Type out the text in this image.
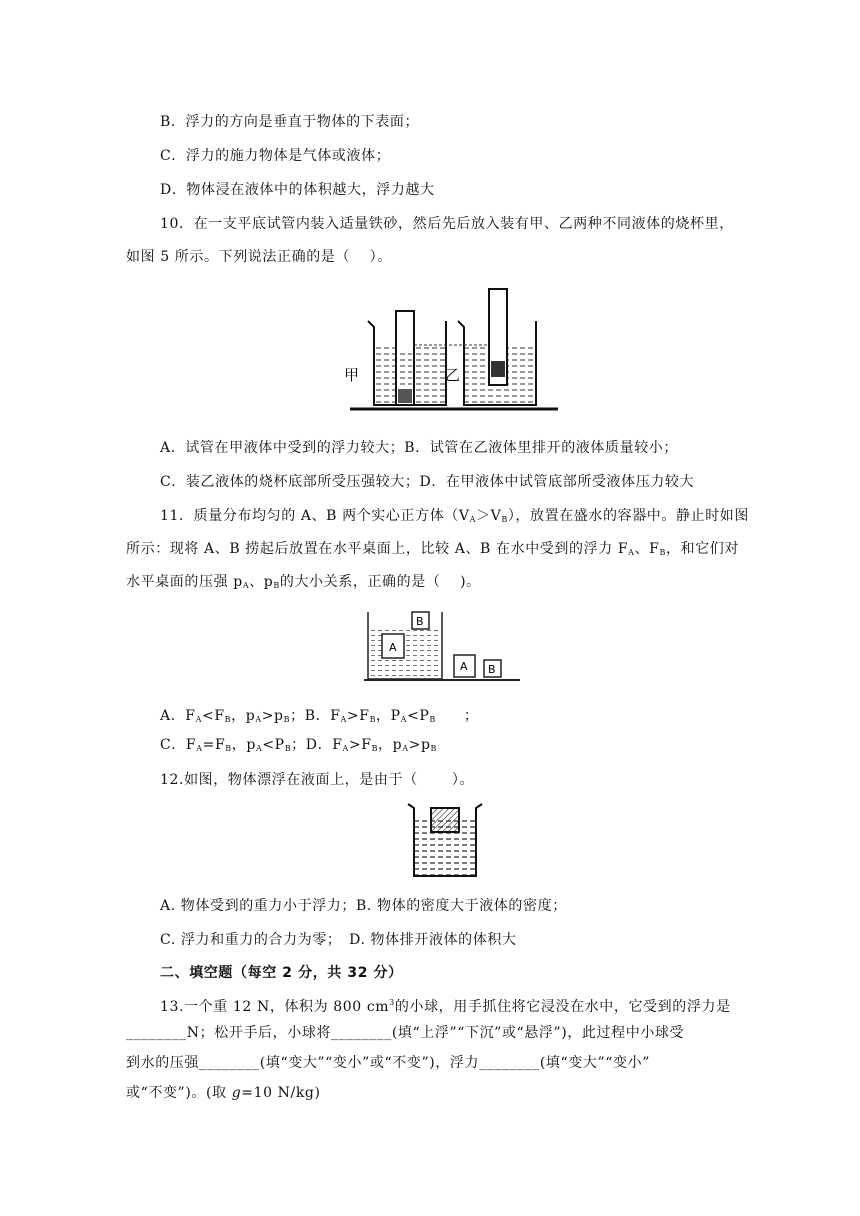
B．浮力的方向是垂直于物体的下表面；
C．浮力的施力物体是气体或液体；
D．物体浸在液体中的体积越大，浮力越大
10．在一支平底试管内装入适量铁砂，然后先后放入装有甲、乙两种不同液体的烧杯里，
如图 5 所示。下列说法正确的是（　 ）。
甲	乙
A．试管在甲液体中受到的浮力较大；B．试管在乙液体里排开的液体质量较小；
C．装乙液体的烧杯底部所受压强较大；D．在甲液体中试管底部所受液体压力较大
11．质量分布均匀的 A、B 两个实心正方体$(V_A>V_B)$，放置在盛水的容器中。静止时如图
所示：现将 A、B 捞起后放置在水平桌面上，比较 A、B 在水中受到的浮力 $F_A$、$F_B$，和它们对
水平桌面的压强 $p_A$、$p_B$的大小关系，正确的是（　 )。
A
B
A B
A．$F_A<F_B$，$p_A>p_B$；B．$F_A>F_B$，$P_A<P_B$ ；
C．$F_A=F_B$，$p_A<P_B$；D．$F_A>F_B$，$p_A>p_B$
12.如图，物体漂浮在液面上，是由于（　 　）。
A. 物体受到的重力小于浮力；B. 物体的密度大于液体的密度；
C. 浮力和重力的合力为零；　D. 物体排开液体的体积大
二、填空题（每空 2 分，共 32 分）
13.一个重 12 N，体积为 800 $cm^3$的小球，用手抓住将它浸没在水中，它受到的浮力是
________N；松开手后，小球将________(填“上浮”“下沉”或“悬浮”)，此过程中小球受
到水的压强________(填“变大”“变小”或“不变”)，浮力________(填“变大”“变小”
或“不变”)。(取 g=10 N/kg)
